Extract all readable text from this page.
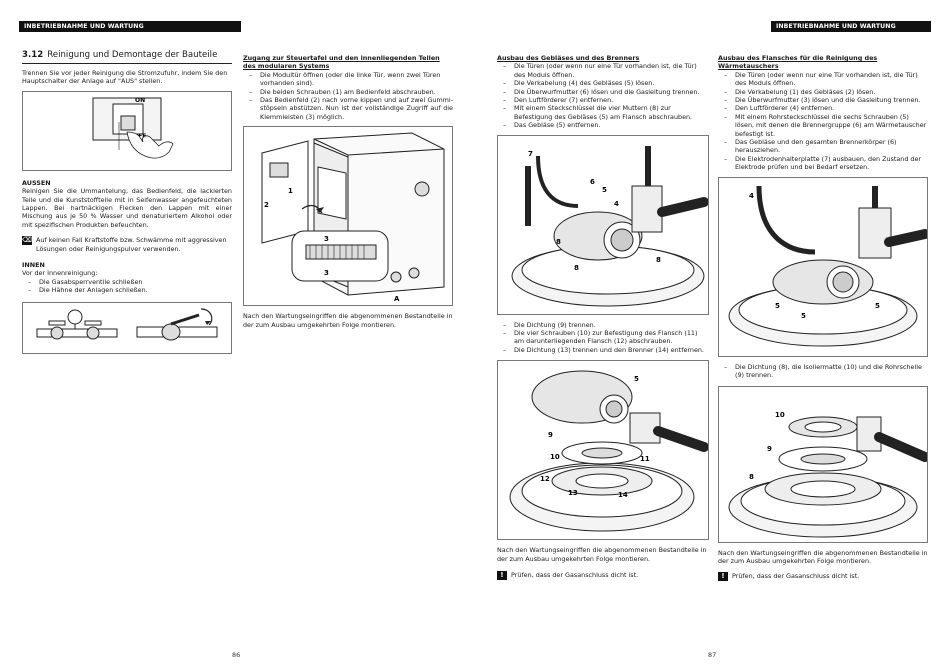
INBETRIEBNAHME UND WARTUNG

3.12 Reinigung und Demontage der Bauteile

Trennen Sie vor jeder Reinigung die Stromzufuhr, indem Sie den Hauptschalter der Anlage auf "AUS" stellen.

ON

AUSSEN

Reinigen Sie die Ummantelung, das Bedienfeld, die lackierten Teile und die Kunststoffteile mit in Seifenwasser angefeuchteten Lappen. Bei hartnäckigen Flecken den Lappen mit einer Mischung aus je 50 % Wasser und denaturiertem Alkohol oder mit spezifischen Produkten befeuchten.

⌫ Auf keinen Fall Kraftstoffe bzw. Schwämme mit aggressiven Lösungen oder Reinigungspulver verwenden.

INNEN

Vor der Innenreinigung:

– Die Gasabsperrventile schließen
– Die Hähne der Anlagen schließen.

Zugang zur Steuertafel und den innenliegenden Teilen des modularen Systems

– Die Modultür öffnen (oder die linke Tür, wenn zwei Türen vorhanden sind).
– Die beiden Schrauben (1) am Bedienfeld abschrauben.
– Das Bedienfeld (2) nach vorne kippen und auf zwei Gummistöpseln abstützen. Nun ist der vollständige Zugriff auf die Klemmleisten (3) möglich.
1
2
3
3
A

Nach den Wartungseingriffen die abgenommenen Bestandteile in der zum Ausbau umgekehrten Folge montieren.

86
INBETRIEBNAHME UND WARTUNG

Ausbau des Gebläses und des Brenners

– Die Türen (oder wenn nur eine Tür vorhanden ist, die Tür) des Moduls öffnen.
– Die Verkabelung (4) des Gebläses (5) lösen.
– Die Überwurfmutter (6) lösen und die Gasleitung trennen.
– Den Luftförderer (7) entfernen.
– Mit einem Steckschlüssel die vier Muttern (8) zur Befestigung des Gebläses (5) am Flansch abschrauben.
– Das Gebläse (5) entfernen.
7
6
5
4
8
8
8
– Die Dichtung (9) trennen.
– Die vier Schrauben (10) zur Befestigung des Flansch (11) am darunterliegenden Flansch (12) abschrauben.
– Die Dichtung (13) trennen und den Brenner (14) entfernen.
5
9
10	11
12
13	14

Nach den Wartungseingriffen die abgenommenen Bestandteile in der zum Ausbau umgekehrten Folge montieren.

!	Prüfen, dass der Gasanschluss dicht ist.

Ausbau des Flansches für die Reinigung des Wärmetauschers

– Die Türen (oder wenn nur eine Tür vorhanden ist, die Tür) des Moduls öffnen.
– Die Verkabelung (1) des Gebläses (2) lösen.
– Die Überwurfmutter (3) lösen und die Gasleitung trennen.
– Den Luftförderer (4) entfernen.
– Mit einem Rohrsteckschlüssel die sechs Schrauben (5) lösen, mit denen die Brennergruppe (6) am Wärmetauscher befestigt ist.
– Das Gebläse und den gesamten Brennerkörper (6) herausziehen.
– Die Elektrodenhalterplatte (7) ausbauen, den Zustand der Elektrode prüfen und bei Bedarf ersetzen.
4
5
5
5
– Die Dichtung (8), die Isoliermatte (10) und die Rohrschelle (9) trennen.
10
9
8

Nach den Wartungseingriffen die abgenommenen Bestandteile in der zum Ausbau umgekehrten Folge montieren.

!	Prüfen, dass der Gasanschluss dicht ist.

87
